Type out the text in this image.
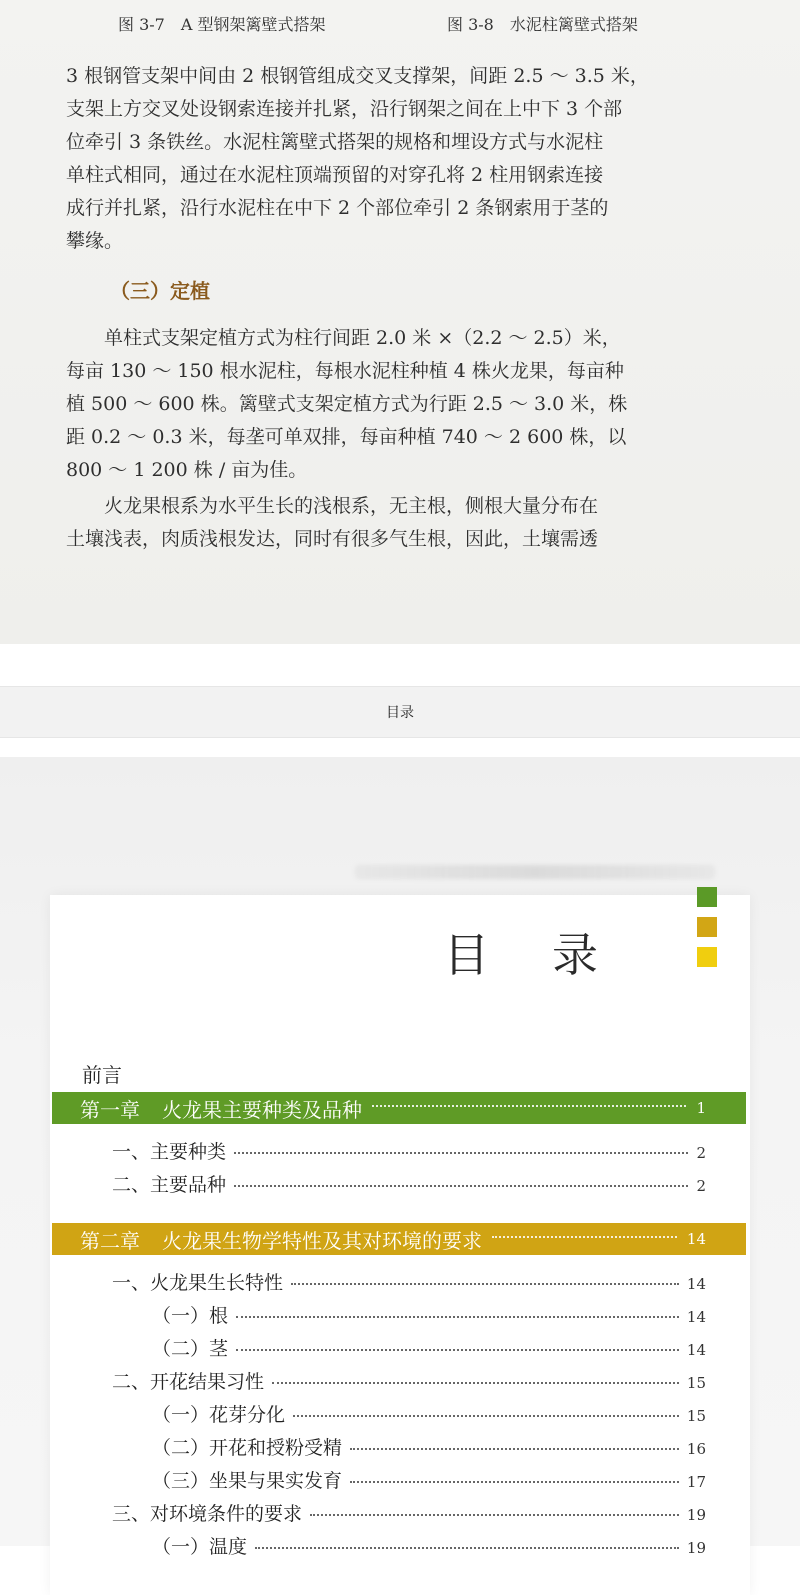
图 3-7　A 型钢架篱壁式搭架	图 3-8　水泥柱篱壁式搭架

3 根钢管支架中间由 2 根钢管组成交叉支撑架，间距 2.5 ～ 3.5 米，
支架上方交叉处设钢索连接并扎紧，沿行钢架之间在上中下 3 个部
位牵引 3 条铁丝。水泥柱篱壁式搭架的规格和埋设方式与水泥柱
单柱式相同，通过在水泥柱顶端预留的对穿孔将 2 柱用钢索连接
成行并扎紧，沿行水泥柱在中下 2 个部位牵引 2 条钢索用于茎的
攀缘。

（三）定植

　　单柱式支架定植方式为柱行间距 2.0 米 ×（2.2 ～ 2.5）米，
每亩 130 ～ 150 根水泥柱，每根水泥柱种植 4 株火龙果，每亩种
植 500 ～ 600 株。篱壁式支架定植方式为行距 2.5 ～ 3.0 米，株
距 0.2 ～ 0.3 米，每垄可单双排，每亩种植 740 ～ 2 600 株，以
800 ～ 1 200 株 / 亩为佳。

　　火龙果根系为水平生长的浅根系，无主根，侧根大量分布在
土壤浅表，肉质浅根发达，同时有很多气生根，因此，土壤需透

目录
目 录
前言
第一章 火龙果主要种类及品种	1
一、主要种类	2
二、主要品种	2
第二章 火龙果生物学特性及其对环境的要求	14
一、火龙果生长特性	14
（一）根	14
（二）茎	14
二、开花结果习性	15
（一）花芽分化	15
（二）开花和授粉受精	16
（三）坐果与果实发育	17
三、对环境条件的要求	19
（一）温度	19
